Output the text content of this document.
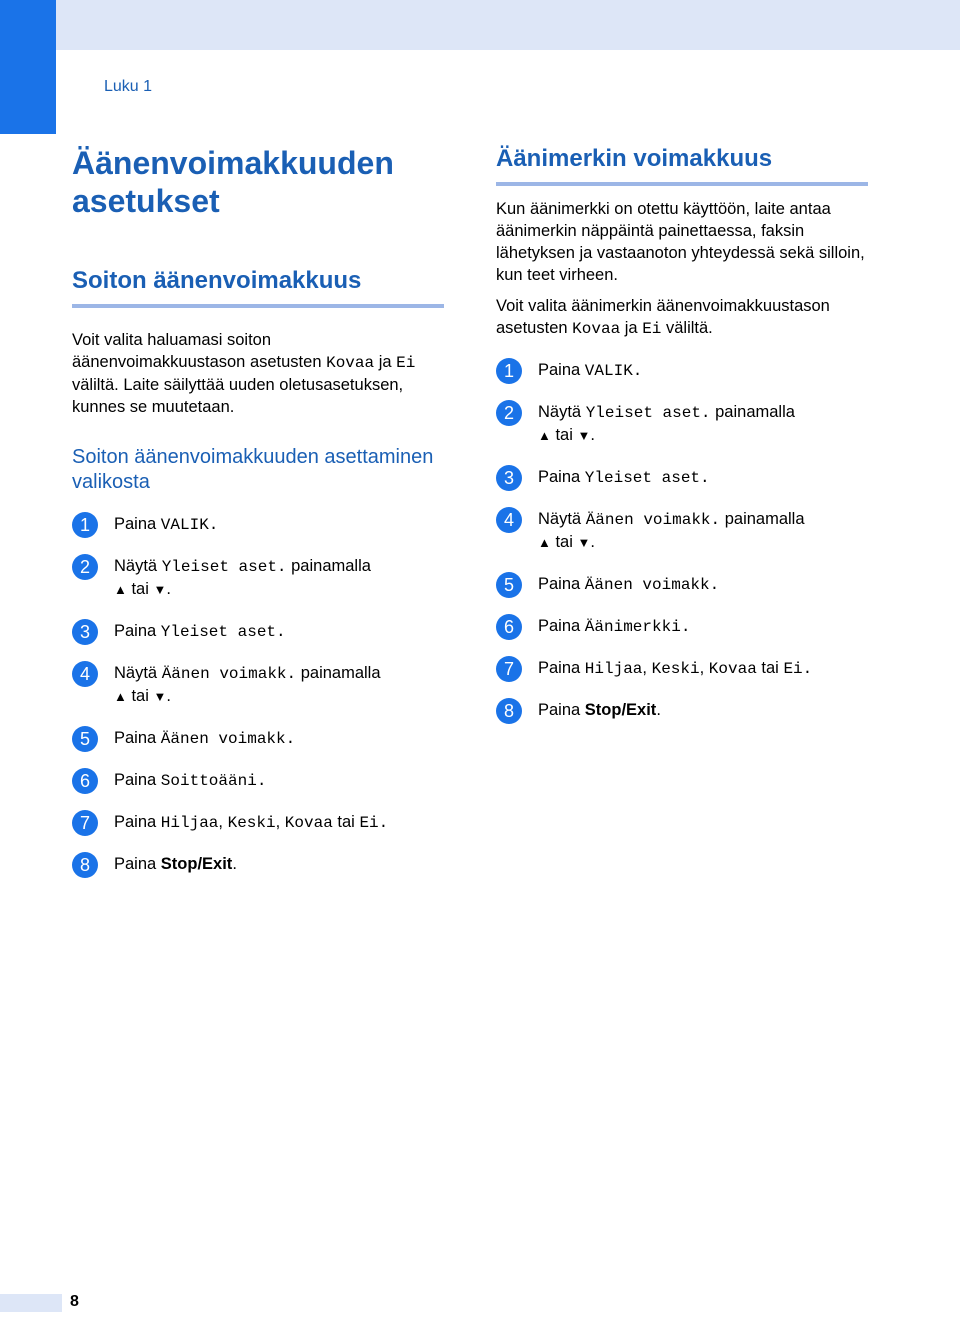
Luku 1
Äänenvoimakkuuden asetukset
Soiton äänenvoimakkuus

Voit valita haluamasi soiton äänenvoimakkuustason asetusten Kovaa ja Ei väliltä. Laite säilyttää uuden oletusasetuksen, kunnes se muutetaan.

Soiton äänenvoimakkuuden asettaminen valikosta
1	Paina VALIK.
2	Näytä Yleiset aset. painamalla
▲ tai ▼.
3	Paina Yleiset aset.
4	Näytä Äänen voimakk. painamalla
▲ tai ▼.
5	Paina Äänen voimakk.
6	Paina Soittoääni.
7	Paina Hiljaa, Keski, Kovaa tai Ei.
8	Paina Stop/Exit.
Äänimerkin voimakkuus

Kun äänimerkki on otettu käyttöön, laite antaa äänimerkin näppäintä painettaessa, faksin lähetyksen ja vastaanoton yhteydessä sekä silloin, kun teet virheen.

Voit valita äänimerkin äänenvoimakkuustason asetusten Kovaa ja Ei väliltä.

1	Paina VALIK.
2	Näytä Yleiset aset. painamalla
▲ tai ▼.
3	Paina Yleiset aset.
4	Näytä Äänen voimakk. painamalla
▲ tai ▼.
5	Paina Äänen voimakk.
6	Paina Äänimerkki.
7	Paina Hiljaa, Keski, Kovaa tai Ei.
8	Paina Stop/Exit.
8
